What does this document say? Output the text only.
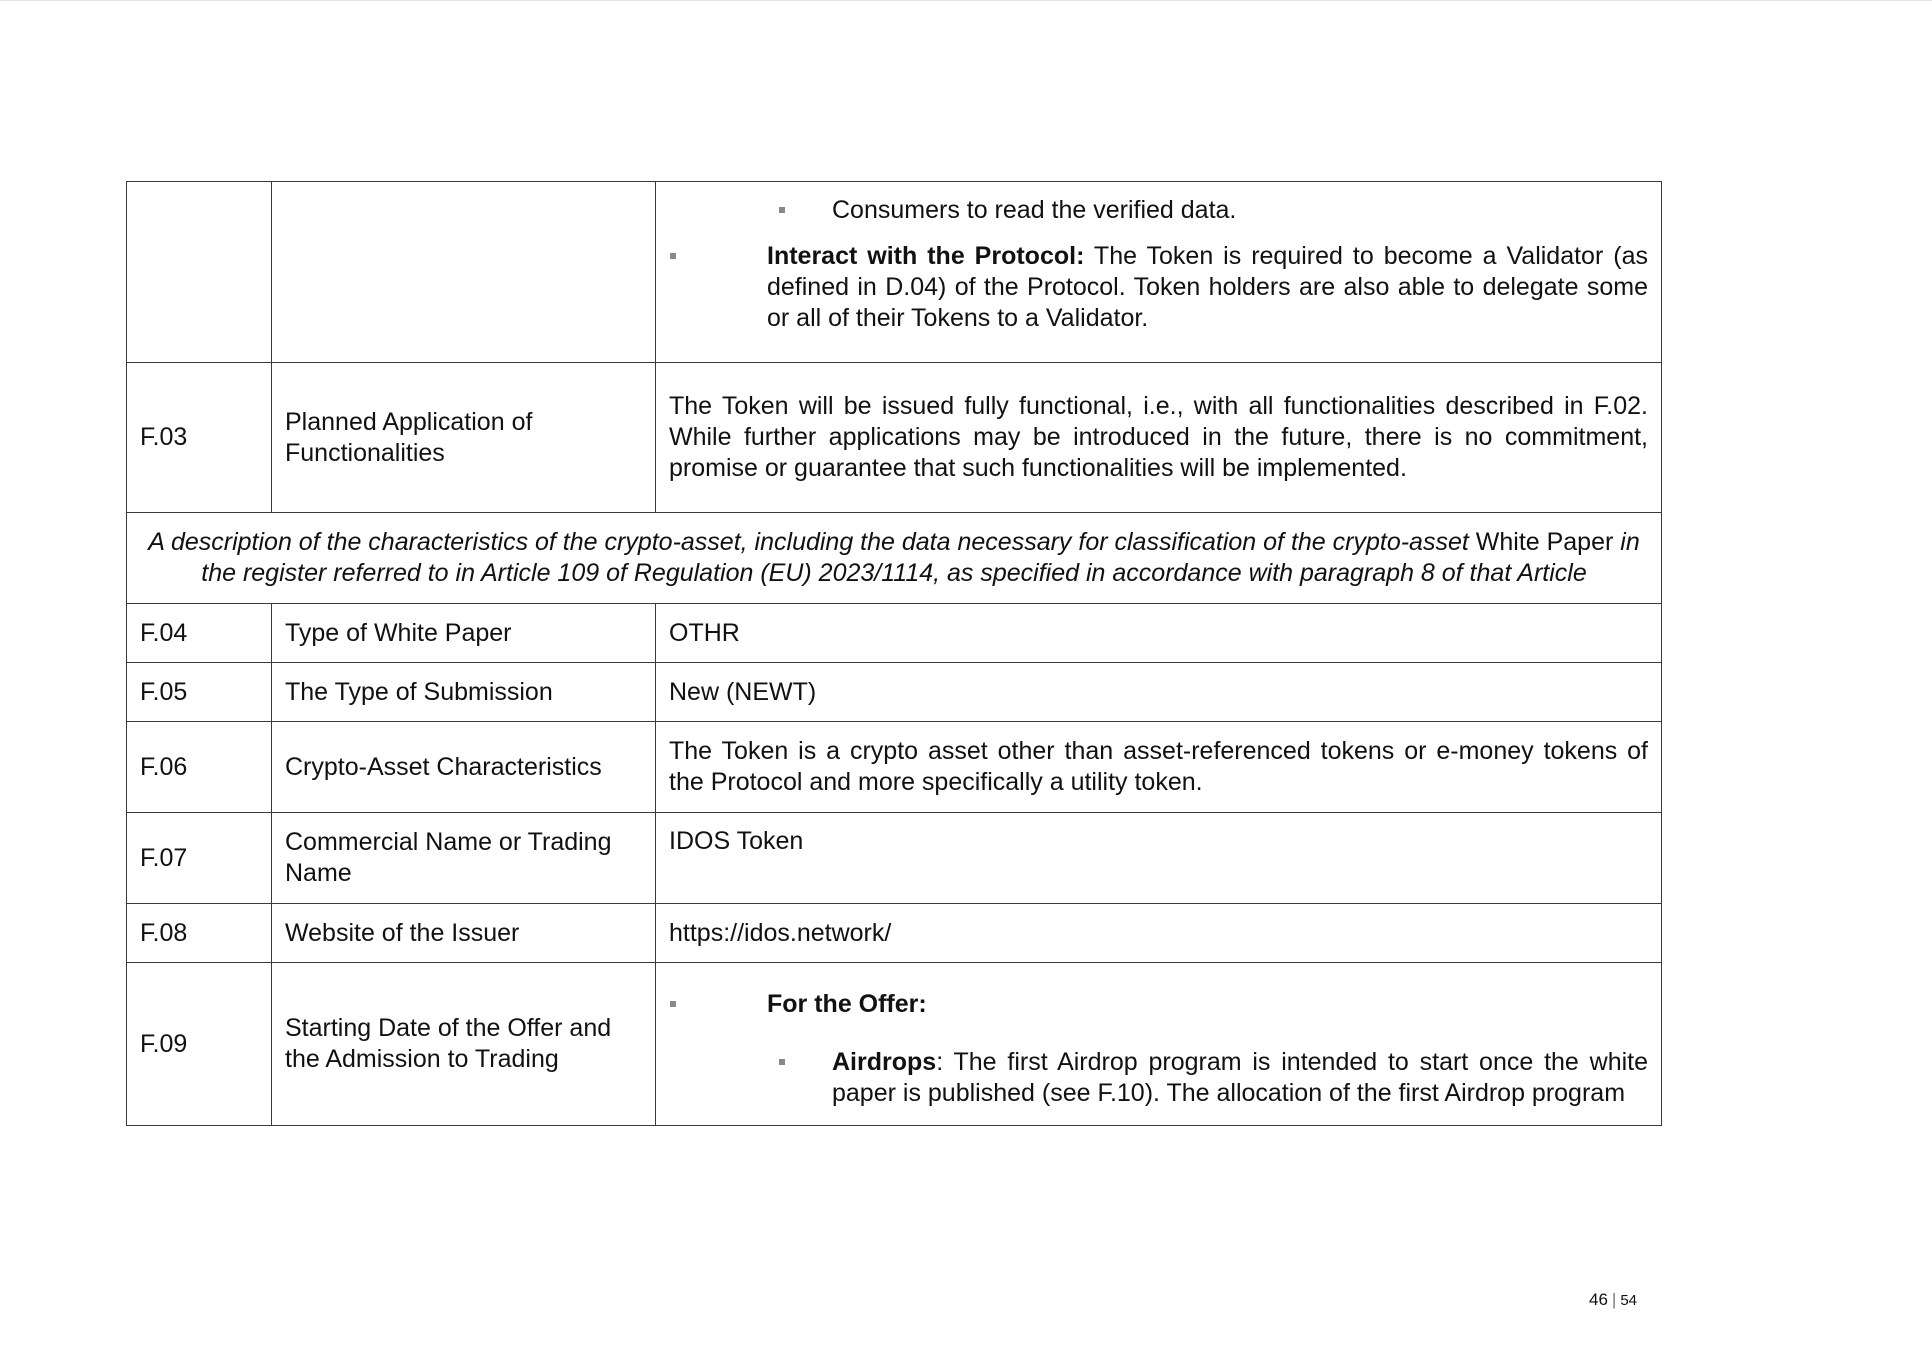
		Consumers to read the verified data.
Interact with the Protocol: The Token is required to become a Validator (as defined in D.04) of the Protocol. Token holders are also able to delegate some or all of their Tokens to a Validator.

F.03	Planned Application of Functionalities	The Token will be issued fully functional, i.e., with all functionalities described in F.02. While further applications may be introduced in the future, there is no commitment, promise or guarantee that such functionalities will be implemented.
A description of the characteristics of the crypto-asset, including the data necessary for classification of the crypto-asset White Paper in the register referred to in Article 109 of Regulation (EU) 2023/1114, as specified in accordance with paragraph 8 of that Article		
F.04	Type of White Paper	OTHR
F.05	The Type of Submission	New (NEWT)
F.06	Crypto-Asset Characteristics	The Token is a crypto asset other than asset-referenced tokens or e-money tokens of the Protocol and more specifically a utility token.
F.07	Commercial Name or Trading Name	IDOS Token
F.08	Website of the Issuer	https://idos.network/
F.09	Starting Date of the Offer and the Admission to Trading	For the Offer:
Airdrops: The first Airdrop program is intended to start once the white paper is published (see F.10). The allocation of the first Airdrop program
46 | 54
